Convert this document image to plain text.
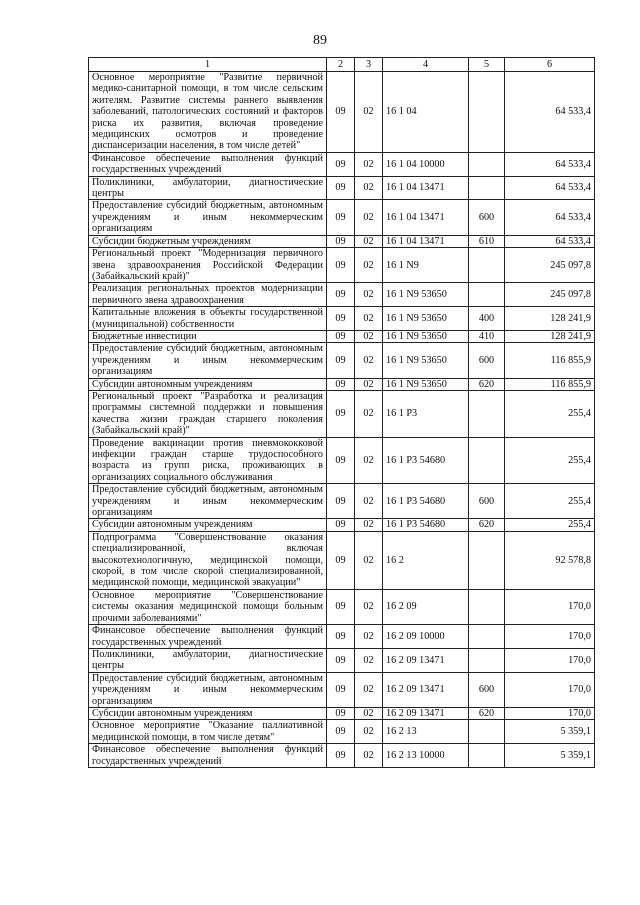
89
1	2	3	4	5	6
Основное мероприятие "Развитие первичной медико-санитарной помощи, в том числе сельским жителям. Развитие системы раннего выявления заболеваний, патологических состояний и факторов риска их развития, включая проведение медицинских осмотров и проведение диспансеризации населения, в том числе детей"	09	02	16 1 04		64 533,4
Финансовое обеспечение выполнения функций государственных учреждений	09	02	16 1 04 10000		64 533,4
Поликлиники, амбулатории, диагностические центры	09	02	16 1 04 13471		64 533,4
Предоставление субсидий бюджетным, автономным учреждениям и иным некоммерческим организациям	09	02	16 1 04 13471	600	64 533,4
Субсидии бюджетным учреждениям	09	02	16 1 04 13471	610	64 533,4
Региональный проект "Модернизация первичного звена здравоохранения Российской Федерации (Забайкальский край)"	09	02	16 1 N9		245 097,8
Реализация региональных проектов модернизации первичного звена здравоохранения	09	02	16 1 N9 53650		245 097,8
Капитальные вложения в объекты государственной (муниципальной) собственности	09	02	16 1 N9 53650	400	128 241,9
Бюджетные инвестиции	09	02	16 1 N9 53650	410	128 241,9
Предоставление субсидий бюджетным, автономным учреждениям и иным некоммерческим организациям	09	02	16 1 N9 53650	600	116 855,9
Субсидии автономным учреждениям	09	02	16 1 N9 53650	620	116 855,9
Региональный проект "Разработка и реализация программы системной поддержки и повышения качества жизни граждан старшего поколения (Забайкальский край)"	09	02	16 1 P3		255,4
Проведение вакцинации против пневмококковой инфекции граждан старше трудоспособного возраста из групп риска, проживающих в организациях социального обслуживания	09	02	16 1 P3 54680		255,4
Предоставление субсидий бюджетным, автономным учреждениям и иным некоммерческим организациям	09	02	16 1 P3 54680	600	255,4
Субсидии автономным учреждениям	09	02	16 1 P3 54680	620	255,4
Подпрограмма "Совершенствование оказания специализированной, включая высокотехнологичную, медицинской помощи, скорой, в том числе скорой специализированной, медицинской помощи, медицинской эвакуации"	09	02	16 2		92 578,8
Основное мероприятие "Совершенствование системы оказания медицинской помощи больным прочими заболеваниями"	09	02	16 2 09		170,0
Финансовое обеспечение выполнения функций государственных учреждений	09	02	16 2 09 10000		170,0
Поликлиники, амбулатории, диагностические центры	09	02	16 2 09 13471		170,0
Предоставление субсидий бюджетным, автономным учреждениям и иным некоммерческим организациям	09	02	16 2 09 13471	600	170,0
Субсидии автономным учреждениям	09	02	16 2 09 13471	620	170,0
Основное мероприятие "Оказание паллиативной медицинской помощи, в том числе детям"	09	02	16 2 13		5 359,1
Финансовое обеспечение выполнения функций государственных учреждений	09	02	16 2 13 10000		5 359,1
